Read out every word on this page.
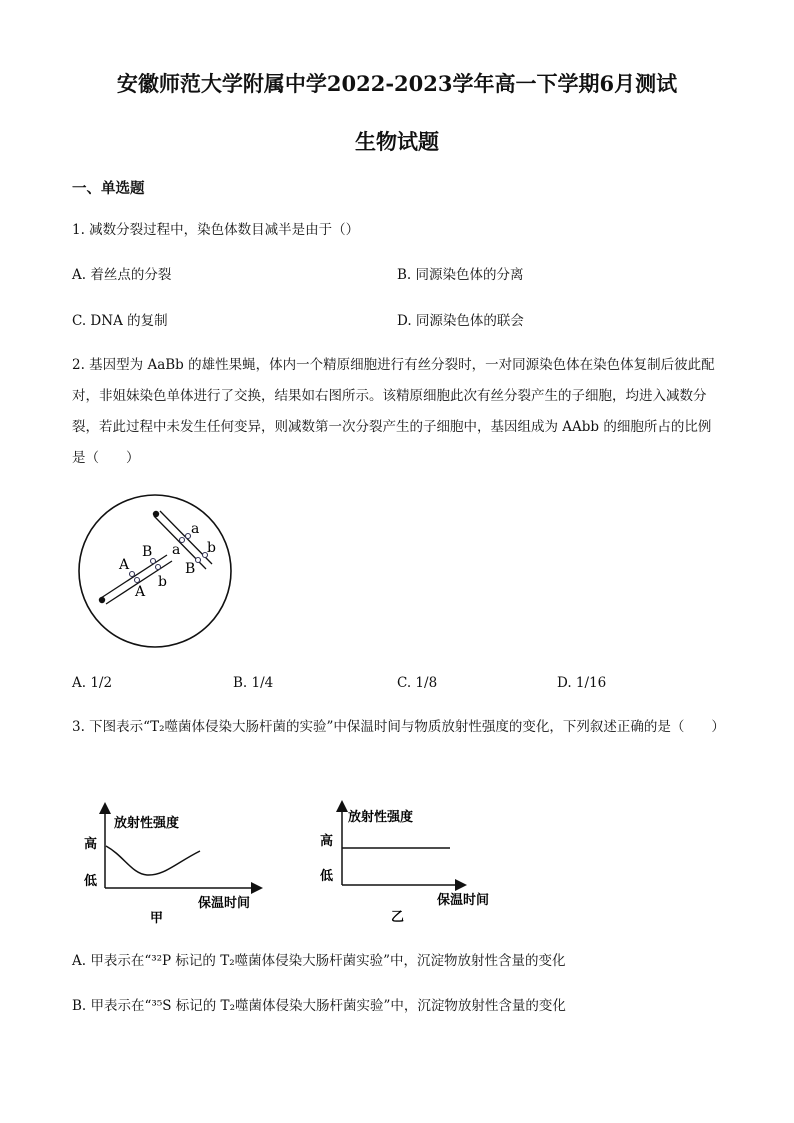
安徽师范大学附属中学2022-2023学年高一下学期6月测试
生物试题
一、单选题
1. 减数分裂过程中，染色体数目减半是由于（）
A. 着丝点的分裂	B. 同源染色体的分离
C. DNA 的复制	D. 同源染色体的联会
2. 基因型为 AaBb 的雄性果蝇，体内一个精原细胞进行有丝分裂时，一对同源染色体在染色体复制后彼此配对，非姐妹染色单体进行了交换，结果如右图所示。该精原细胞此次有丝分裂产生的子细胞，均进入减数分裂，若此过程中未发生任何变异，则减数第一次分裂产生的子细胞中，基因组成为 AAbb 的细胞所占的比例是（　　）
a
a b
B
A
A
B
b
A. 1/2	B. 1/4	C. 1/8	D. 1/16
3. 下图表示“T₂噬菌体侵染大肠杆菌的实验”中保温时间与物质放射性强度的变化，下列叙述正确的是（　　）
放射性强度
高
低
保温时间
甲
放射性强度
高
低
保温时间
乙
A. 甲表示在“³²P 标记的 T₂噬菌体侵染大肠杆菌实验”中，沉淀物放射性含量的变化
B. 甲表示在“³⁵S 标记的 T₂噬菌体侵染大肠杆菌实验”中，沉淀物放射性含量的变化
